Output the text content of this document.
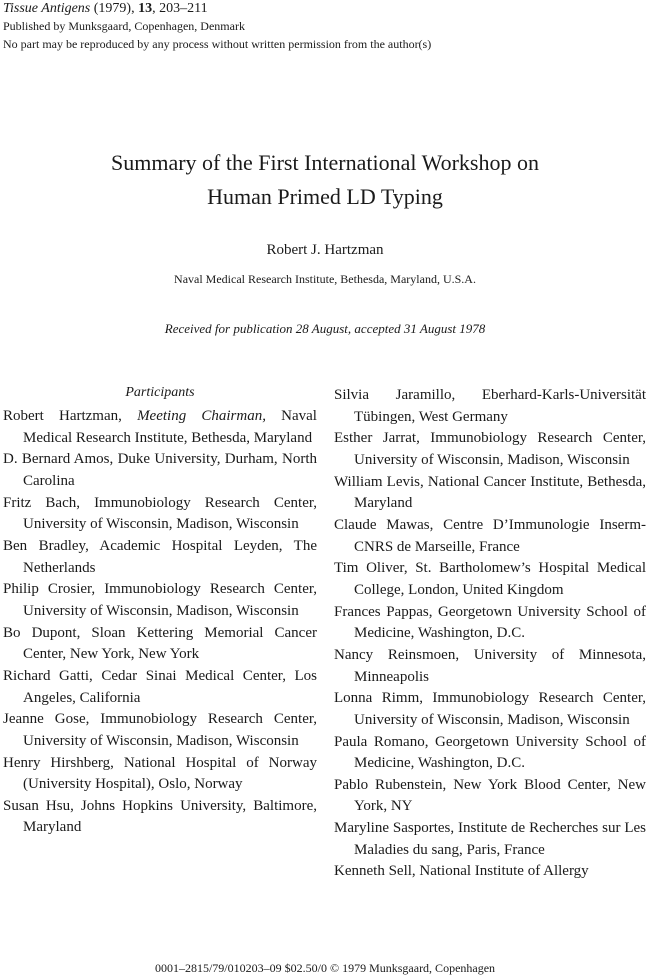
Tissue Antigens (1979), 13, 203–211
Published by Munksgaard, Copenhagen, Denmark
No part may be reproduced by any process without written permission from the author(s)
Summary of the First International Workshop on
Human Primed LD Typing
Robert J. Hartzman
Naval Medical Research Institute, Bethesda, Maryland, U.S.A.
Received for publication 28 August, accepted 31 August 1978
Participants
Robert Hartzman, Meeting Chairman, Naval Medical Research Institute, Bethesda, Maryland
D. Bernard Amos, Duke University, Durham, North Carolina
Fritz Bach, Immunobiology Research Center, University of Wisconsin, Madison, Wisconsin
Ben Bradley, Academic Hospital Leyden, The Netherlands
Philip Crosier, Immunobiology Research Center, University of Wisconsin, Madison, Wisconsin
Bo Dupont, Sloan Kettering Memorial Cancer Center, New York, New York
Richard Gatti, Cedar Sinai Medical Center, Los Angeles, California
Jeanne Gose, Immunobiology Research Center, University of Wisconsin, Madison, Wisconsin
Henry Hirshberg, National Hospital of Norway (University Hospital), Oslo, Norway
Susan Hsu, Johns Hopkins University, Baltimore, Maryland
Silvia Jaramillo, Eberhard-Karls-Universität Tübingen, West Germany
Esther Jarrat, Immunobiology Research Center, University of Wisconsin, Madison, Wisconsin
William Levis, National Cancer Institute, Bethesda, Maryland
Claude Mawas, Centre D’Immunologie Inserm-CNRS de Marseille, France
Tim Oliver, St. Bartholomew’s Hospital Medical College, London, United Kingdom
Frances Pappas, Georgetown University School of Medicine, Washington, D.C.
Nancy Reinsmoen, University of Minnesota, Minneapolis
Lonna Rimm, Immunobiology Research Center, University of Wisconsin, Madison, Wisconsin
Paula Romano, Georgetown University School of Medicine, Washington, D.C.
Pablo Rubenstein, New York Blood Center, New York, NY
Maryline Sasportes, Institute de Recherches sur Les Maladies du sang, Paris, France
Kenneth Sell, National Institute of Allergy
0001–2815/79/010203–09 $02.50/0 © 1979 Munksgaard, Copenhagen
